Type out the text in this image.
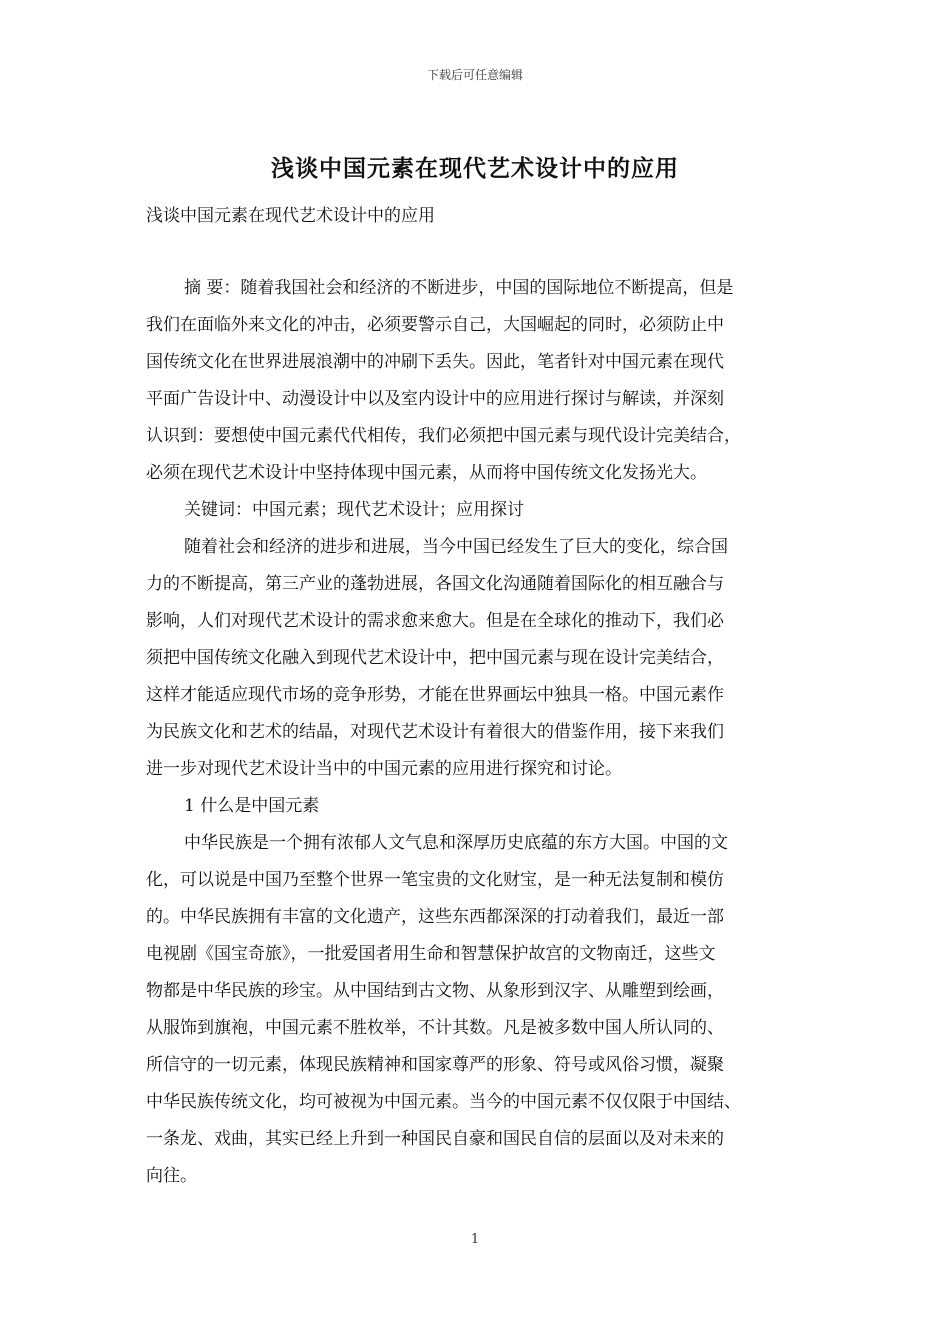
下载后可任意编辑
浅谈中国元素在现代艺术设计中的应用
浅谈中国元素在现代艺术设计中的应用
摘 要：随着我国社会和经济的不断进步，中国的国际地位不断提高，但是
我们在面临外来文化的冲击，必须要警示自己，大国崛起的同时，必须防止中
国传统文化在世界进展浪潮中的冲刷下丢失。因此，笔者针对中国元素在现代
平面广告设计中、动漫设计中以及室内设计中的应用进行探讨与解读，并深刻
认识到：要想使中国元素代代相传，我们必须把中国元素与现代设计完美结合，
必须在现代艺术设计中坚持体现中国元素，从而将中国传统文化发扬光大。
关键词：中国元素；现代艺术设计；应用探讨
随着社会和经济的进步和进展，当今中国已经发生了巨大的变化，综合国
力的不断提高，第三产业的蓬勃进展，各国文化沟通随着国际化的相互融合与
影响，人们对现代艺术设计的需求愈来愈大。但是在全球化的推动下，我们必
须把中国传统文化融入到现代艺术设计中，把中国元素与现在设计完美结合，
这样才能适应现代市场的竞争形势，才能在世界画坛中独具一格。中国元素作
为民族文化和艺术的结晶，对现代艺术设计有着很大的借鉴作用，接下来我们
进一步对现代艺术设计当中的中国元素的应用进行探究和讨论。
1 什么是中国元素
中华民族是一个拥有浓郁人文气息和深厚历史底蕴的东方大国。中国的文
化，可以说是中国乃至整个世界一笔宝贵的文化财宝，是一种无法复制和模仿
的。中华民族拥有丰富的文化遗产，这些东西都深深的打动着我们，最近一部
电视剧《国宝奇旅》，一批爱国者用生命和智慧保护故宫的文物南迁，这些文
物都是中华民族的珍宝。从中国结到古文物、从象形到汉字、从雕塑到绘画，
从服饰到旗袍，中国元素不胜枚举，不计其数。凡是被多数中国人所认同的、
所信守的一切元素，体现民族精神和国家尊严的形象、符号或风俗习惯，凝聚
中华民族传统文化，均可被视为中国元素。当今的中国元素不仅仅限于中国结、
一条龙、戏曲，其实已经上升到一种国民自豪和国民自信的层面以及对未来的
向往。
1
